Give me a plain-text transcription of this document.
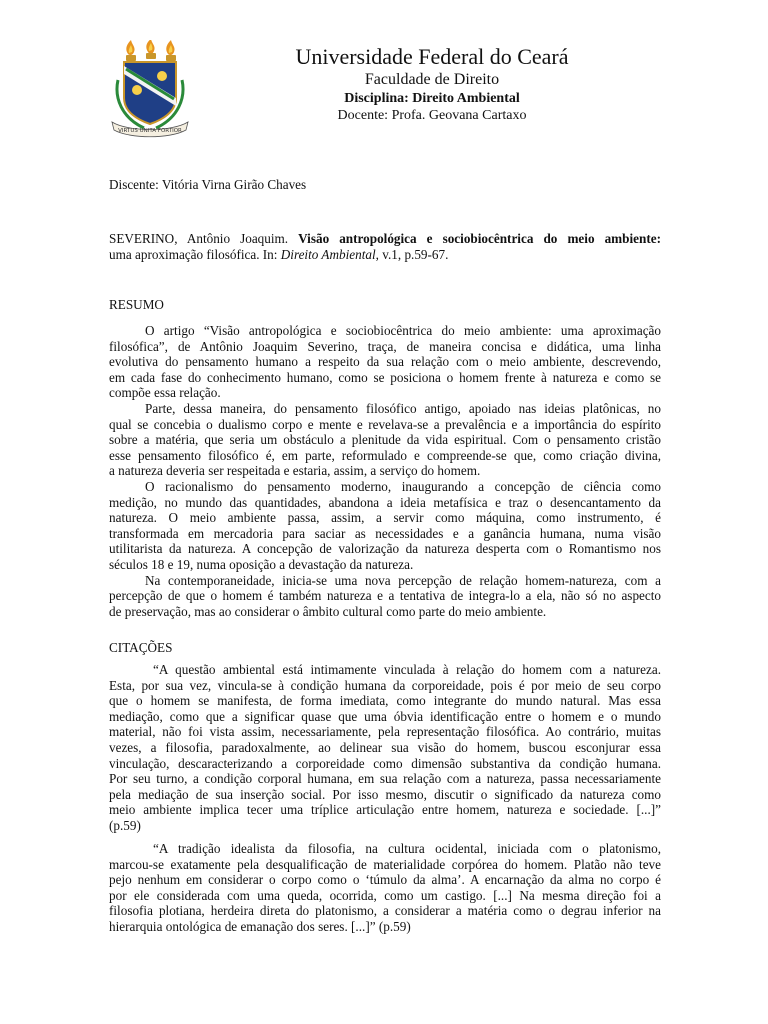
VIRTUS UNITA FORTIOR
Universidade Federal do Ceará
Faculdade de Direito
Disciplina: Direito Ambiental
Docente: Profa. Geovana Cartaxo
Discente: Vitória Virna Girão Chaves
SEVERINO, Antônio Joaquim. Visão antropológica e sociobiocêntrica do meio ambiente:
uma aproximação filosófica. In: Direito Ambiental, v.1, p.59-67.
RESUMO
O artigo “Visão antropológica e sociobiocêntrica do meio ambiente: uma aproximação
filosófica”, de Antônio Joaquim Severino, traça, de maneira concisa e didática, uma linha
evolutiva do pensamento humano a respeito da sua relação com o meio ambiente, descrevendo,
em cada fase do conhecimento humano, como se posiciona o homem frente à natureza e como se
compõe essa relação.
Parte, dessa maneira, do pensamento filosófico antigo, apoiado nas ideias platônicas, no
qual se concebia o dualismo corpo e mente e revelava-se a prevalência e a importância do espírito
sobre a matéria, que seria um obstáculo a plenitude da vida espiritual. Com o pensamento cristão
esse pensamento filosófico é, em parte, reformulado e compreende-se que, como criação divina,
a natureza deveria ser respeitada e estaria, assim, a serviço do homem.
O racionalismo do pensamento moderno, inaugurando a concepção de ciência como
medição, no mundo das quantidades, abandona a ideia metafísica e traz o desencantamento da
natureza. O meio ambiente passa, assim, a servir como máquina, como instrumento, é
transformada em mercadoria para saciar as necessidades e a ganância humana, numa visão
utilitarista da natureza. A concepção de valorização da natureza desperta com o Romantismo nos
séculos 18 e 19, numa oposição a devastação da natureza.
Na contemporaneidade, inicia-se uma nova percepção de relação homem-natureza, com a
percepção de que o homem é também natureza e a tentativa de integra-lo a ela, não só no aspecto
de preservação, mas ao considerar o âmbito cultural como parte do meio ambiente.
CITAÇÕES
“A questão ambiental está intimamente vinculada à relação do homem com a natureza.
Esta, por sua vez, vincula-se à condição humana da corporeidade, pois é por meio de seu corpo
que o homem se manifesta, de forma imediata, como integrante do mundo natural. Mas essa
mediação, como que a significar quase que uma óbvia identificação entre o homem e o mundo
material, não foi vista assim, necessariamente, pela representação filosófica. Ao contrário, muitas
vezes, a filosofia, paradoxalmente, ao delinear sua visão do homem, buscou esconjurar essa
vinculação, descaracterizando a corporeidade como dimensão substantiva da condição humana.
Por seu turno, a condição corporal humana, em sua relação com a natureza, passa necessariamente
pela mediação de sua inserção social. Por isso mesmo, discutir o significado da natureza como
meio ambiente implica tecer uma tríplice articulação entre homem, natureza e sociedade. [...]”
(p.59)
“A tradição idealista da filosofia, na cultura ocidental, iniciada com o platonismo,
marcou-se exatamente pela desqualificação de materialidade corpórea do homem. Platão não teve
pejo nenhum em considerar o corpo como o ‘túmulo da alma’. A encarnação da alma no corpo é
por ele considerada com uma queda, ocorrida, como um castigo. [...] Na mesma direção foi a
filosofia plotiana, herdeira direta do platonismo, a considerar a matéria como o degrau inferior na
hierarquia ontológica de emanação dos seres. [...]” (p.59)
